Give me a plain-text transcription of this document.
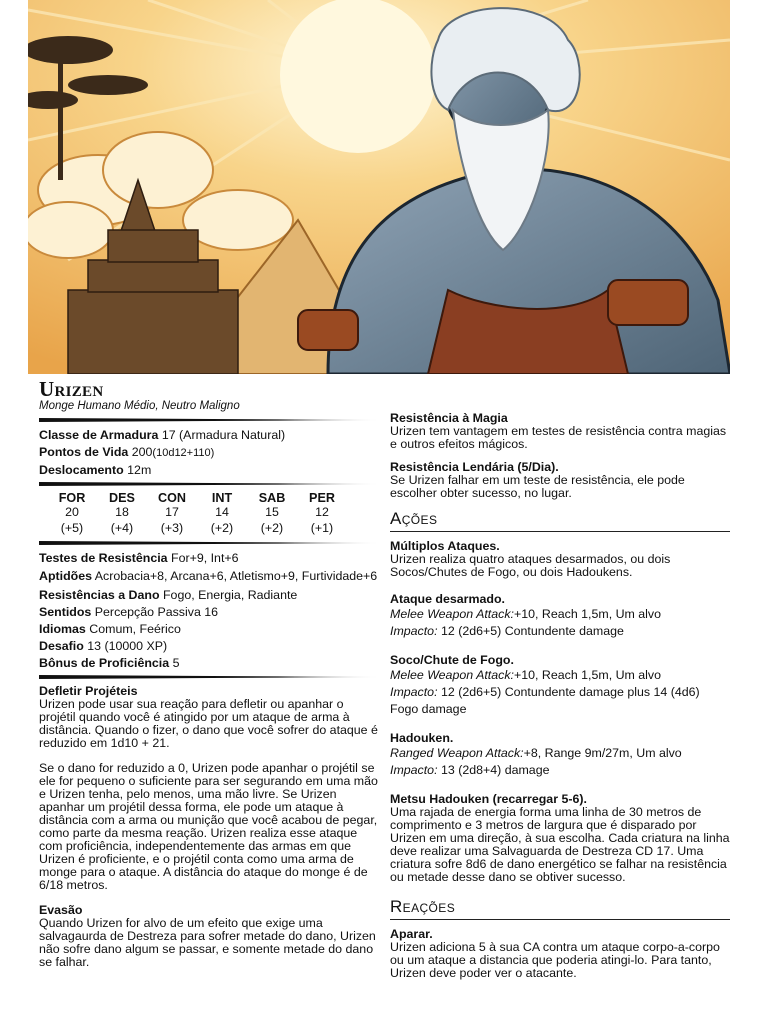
Urizen
Monge Humano Médio, Neutro Maligno
Classe de Armadura 17 (Armadura Natural)
Pontos de Vida 200(10d12+110)
Deslocamento 12m
FOR
20
(+5)
DES
18
(+4)
CON
17
(+3)
INT
14
(+2)
SAB
15
(+2)
PER
12
(+1)
Testes de Resistência For+9, Int+6
Aptidões Acrobacia+8, Arcana+6, Atletismo+9, Furtividade+6
Resistências a Dano Fogo, Energia, Radiante
Sentidos Percepção Passiva 16
Idiomas Comum, Feérico
Desafio 13 (10000 XP)
Bônus de Proficiência 5
Defletir Projéteis

Urizen pode usar sua reação para defletir ou apanhar o projétil quando você é atingido por um ataque de arma à distância. Quando o fizer, o dano que você sofrer do ataque é reduzido em 1d10 + 21.

Se o dano for reduzido a 0, Urizen pode apanhar o projétil se ele for pequeno o suficiente para ser segurando em uma mão e Urizen tenha, pelo menos, uma mão livre. Se Urizen apanhar um projétil dessa forma, ele pode um ataque à distância com a arma ou munição que você acabou de pegar, como parte da mesma reação. Urizen realiza esse ataque com proficiência, independentemente das armas em que Urizen é proficiente, e o projétil conta como uma arma de monge para o ataque. A distância do ataque do monge é de 6/18 metros.

Evasão

Quando Urizen for alvo de um efeito que exige uma salvagaurda de Destreza para sofrer metade do dano, Urizen não sofre dano algum se passar, e somente metade do dano se falhar.

Resistência à Magia

Urizen tem vantagem em testes de resistência contra magias e outros efeitos mágicos.

Resistência Lendária (5/Dia).

Se Urizen falhar em um teste de resistência, ele pode escolher obter sucesso, no lugar.

Ações
Múltiplos Ataques.

Urizen realiza quatro ataques desarmados, ou dois Socos/Chutes de Fogo, ou dois Hadoukens.

Ataque desarmado.

Melee Weapon Attack:+10, Reach 1,5m, Um alvo

Impacto: 12 (2d6+5) Contundente damage

Soco/Chute de Fogo.

Melee Weapon Attack:+10, Reach 1,5m, Um alvo

Impacto: 12 (2d6+5) Contundente damage plus 14 (4d6) Fogo damage

Hadouken.

Ranged Weapon Attack:+8, Range 9m/27m, Um alvo

Impacto: 13 (2d8+4) damage

Metsu Hadouken (recarregar 5-6).

Uma rajada de energia forma uma linha de 30 metros de comprimento e 3 metros de largura que é disparado por Urizen em uma direção, à sua escolha. Cada criatura na linha deve realizar uma Salvaguarda de Destreza CD 17. Uma criatura sofre 8d6 de dano energético se falhar na resistência ou metade desse dano se obtiver sucesso.

Reações
Aparar.

Urizen adiciona 5 à sua CA contra um ataque corpo-a-corpo ou um ataque a distancia que poderia atingi-lo. Para tanto, Urizen deve poder ver o atacante.
